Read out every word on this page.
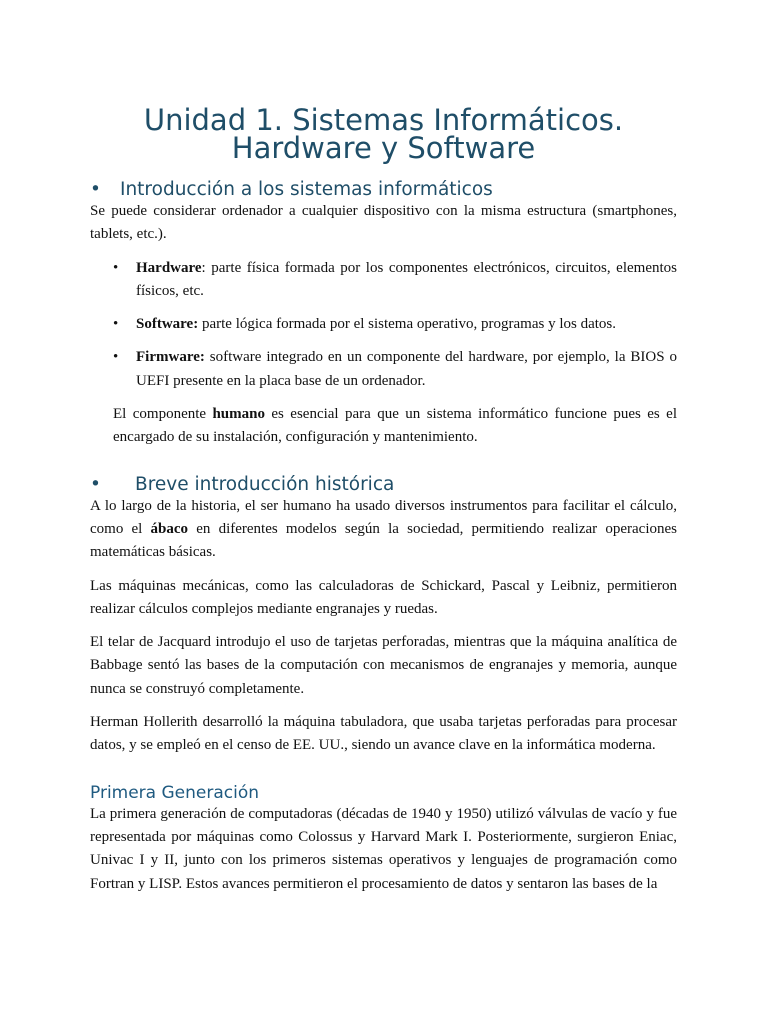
Unidad 1. Sistemas Informáticos.
Hardware y Software
•	Introducción a los sistemas informáticos

Se puede considerar ordenador a cualquier dispositivo con la misma estructura (smartphones, tablets, etc.).

•	Hardware: parte física formada por los componentes electrónicos, circuitos, elementos físicos, etc.
•	Software: parte lógica formada por el sistema operativo, programas y los datos.
•	Firmware: software integrado en un componente del hardware, por ejemplo, la BIOS o UEFI presente en la placa base de un ordenador.

El componente humano es esencial para que un sistema informático funcione pues es el encargado de su instalación, configuración y mantenimiento.

•	Breve introducción histórica

A lo largo de la historia, el ser humano ha usado diversos instrumentos para facilitar el cálculo, como el ábaco en diferentes modelos según la sociedad, permitiendo realizar operaciones matemáticas básicas.

Las máquinas mecánicas, como las calculadoras de Schickard, Pascal y Leibniz, permitieron realizar cálculos complejos mediante engranajes y ruedas.

El telar de Jacquard introdujo el uso de tarjetas perforadas, mientras que la máquina analítica de Babbage sentó las bases de la computación con mecanismos de engranajes y memoria, aunque nunca se construyó completamente.

Herman Hollerith desarrolló la máquina tabuladora, que usaba tarjetas perforadas para procesar datos, y se empleó en el censo de EE. UU., siendo un avance clave en la informática moderna.

Primera Generación

La primera generación de computadoras (décadas de 1940 y 1950) utilizó válvulas de vacío y fue representada por máquinas como Colossus y Harvard Mark I. Posteriormente, surgieron Eniac, Univac I y II, junto con los primeros sistemas operativos y lenguajes de programación como Fortran y LISP. Estos avances permitieron el procesamiento de datos y sentaron las bases de la
